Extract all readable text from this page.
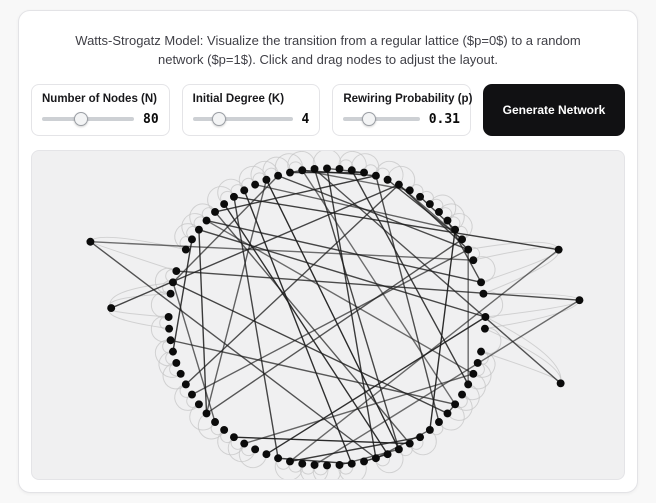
Watts-Strogatz Model: Visualize the transition from a regular lattice ($p=0$) to a random network ($p=1$). Click and drag nodes to adjust the layout.

Number of Nodes (N)
80
Initial Degree (K)
4
Rewiring Probability (p)
0.31
Generate Network
